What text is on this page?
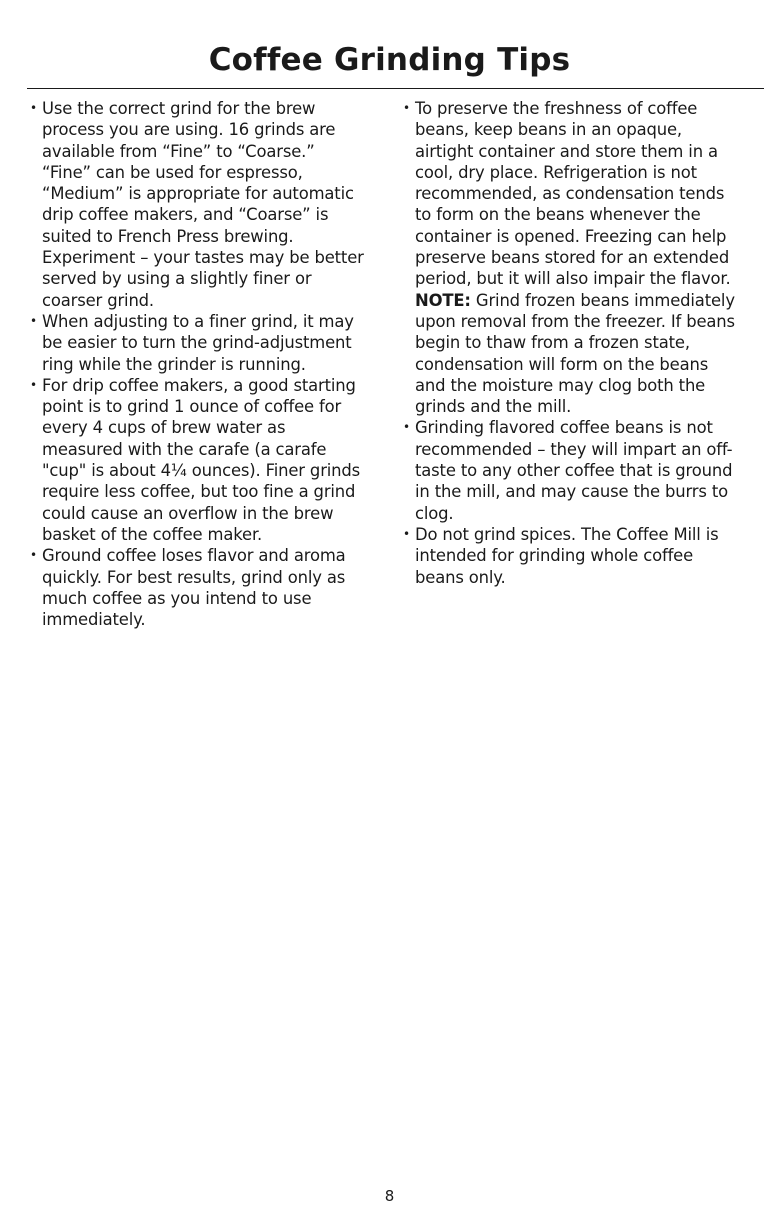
Coffee Grinding Tips
• Use the correct grind for the brew process you are using. 16 grinds are available from “Fine” to “Coarse.” “Fine” can be used for espresso, “Medium” is appropriate for automatic drip coffee makers, and “Coarse” is suited to French Press brewing. Experiment – your tastes may be better served by using a slightly finer or coarser grind.
• When adjusting to a finer grind, it may be easier to turn the grind-adjustment ring while the grinder is running.
• For drip coffee makers, a good starting point is to grind 1 ounce of coffee for every 4 cups of brew water as measured with the carafe (a carafe "cup" is about 4¼ ounces). Finer grinds require less coffee, but too fine a grind could cause an overflow in the brew basket of the coffee maker.
• Ground coffee loses flavor and aroma quickly. For best results, grind only as much coffee as you intend to use immediately.
• To preserve the freshness of coffee beans, keep beans in an opaque, airtight container and store them in a cool, dry place. Refrigeration is not recommended, as condensation tends to form on the beans whenever the container is opened. Freezing can help preserve beans stored for an extended period, but it will also impair the flavor.
NOTE: Grind frozen beans immediately upon removal from the freezer. If beans begin to thaw from a frozen state, condensation will form on the beans and the moisture may clog both the grinds and the mill.
• Grinding flavored coffee beans is not recommended – they will impart an off-taste to any other coffee that is ground in the mill, and may cause the burrs to clog.
• Do not grind spices. The Coffee Mill is intended for grinding whole coffee beans only.
8
